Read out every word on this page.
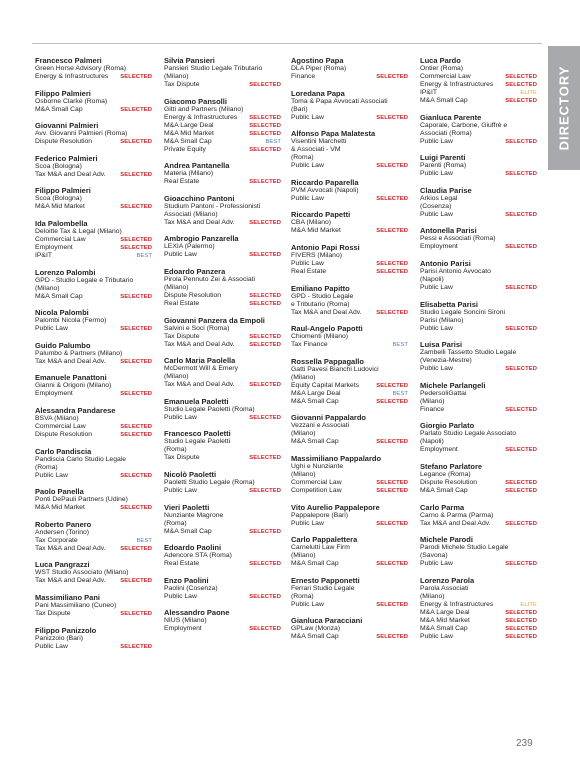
DIRECTORY
Francesco Palmeri
Green Horse Advisory (Roma)
Energy & Infrastructures SELECTED
Filippo Palmieri
Osborne Clarke (Roma)
M&A Small Cap	SELECTED
Giovanni Palmieri
Avv. Giovanni Palmieri (Roma)
Dispute Resolution	SELECTED
Federico Palmieri
Scoa (Bologna)
Tax M&A and Deal Adv.	SELECTED
Filippo Palmieri
Scoa (Bologna)
M&A Mid Market	SELECTED
Ida Palombella
Deloitte Tax & Legal (Milano)
Commercial Law	SELECTED
Employment	SELECTED
IP&IT	BEST
Lorenzo Palombi
GPD - Studio Legale e Tributario
(Milano)
M&A Small Cap	SELECTED
Nicola Palombi
Palombi Nicola (Fermo)
Public Law	SELECTED
Guido Palumbo
Palumbo & Partners (Milano)
Tax M&A and Deal Adv.	SELECTED
Emanuele Panattoni
Gianni & Origoni (Milano)
Employment	SELECTED
Alessandra Pandarese
BSVA (Milano)
Commercial Law	SELECTED
Dispute Resolution	SELECTED
Carlo Pandiscia
Pandiscia Carlo Studio Legale
(Roma)
Public Law	SELECTED
Paolo Panella
Ponti DePauli Partners (Udine)
M&A Mid Market	SELECTED
Roberto Panero
Andersen (Torino)
Tax Corporate	BEST
Tax M&A and Deal Adv.	SELECTED
Luca Pangrazzi
WST Studio Associato (Milano)
Tax M&A and Deal Adv.	SELECTED
Massimiliano Pani
Pani Massimiliano (Cuneo)
Tax Dispute	SELECTED
Filippo Panizzolo
Panizzolo (Bari)
Public Law	SELECTED
Silvia Pansieri
Pansieri Studio Legale Tributario
(Milano)
Tax Dispute	SELECTED
Giacomo Pansolli
Gitti and Partners (Milano)
Energy & Infrastructures SELECTED
M&A Large Deal	SELECTED
M&A Mid Market	SELECTED
M&A Small Cap	BEST
Private Equity	SELECTED
Andrea Pantanella
Materia (Milano)
Real Estate	SELECTED
Gioacchino Pantoni
Studium Pantoni - Professionisti
Associati (Milano)
Tax M&A and Deal Adv.	SELECTED
Ambrogio Panzarella
LEXIA (Palermo)
Public Law	SELECTED
Edoardo Panzera
Pirola Pennuto Zei & Associati
(Milano)
Dispute Resolution	SELECTED
Real Estate	SELECTED
Giovanni Panzera da Empoli
Salvini e Soci (Roma)
Tax Dispute	SELECTED
Tax M&A and Deal Adv.	SELECTED
Carlo Maria Paolella
McDermott Will & Emery
(Milano)
Tax M&A and Deal Adv.	SELECTED
Emanuela Paoletti
Studio Legale Paoletti (Roma)
Public Law	SELECTED
Francesco Paoletti
Studio Legale Paoletti
(Roma)
Tax Dispute	SELECTED
Nicolò Paoletti
Paoletti Studio Legale (Roma)
Public Law	SELECTED
Vieri Paoletti
Nunziante Magrone
(Roma)
M&A Small Cap	SELECTED
Edoardo Paolini
Adencore STA (Roma)
Real Estate	SELECTED
Enzo Paolini
Paolini (Cosenza)
Public Law	SELECTED
Alessandro Paone
NIUS (Milano)
Employment	SELECTED
Agostino Papa
DLA Piper (Roma)
Finance	SELECTED
Loredana Papa
Toma & Papa Avvocati Associati
(Bari)
Public Law	SELECTED
Alfonso Papa Malatesta
Visentini Marchetti
& Associati - VM
(Roma)
Public Law	SELECTED
Riccardo Paparella
PVM Avvocati (Napoli)
Public Law	SELECTED
Riccardo Papetti
CBA (Milano)
M&A Mid Market	SELECTED
Antonio Papi Rossi
FIVERS (Milano)
Public Law	SELECTED
Real Estate	SELECTED
Emiliano Papitto
GPD - Studio Legale
e Tributario (Roma)
Tax M&A and Deal Adv.	SELECTED
Raul-Angelo Papotti
Chiomenti (Milano)
Tax Finance	BEST
Rossella Pappagallo
Gatti Pavesi Bianchi Ludovici
(Milano)
Equity Capital Markets	SELECTED
M&A Large Deal	BEST
M&A Small Cap	SELECTED
Giovanni Pappalardo
Vezzani e Associati
(Milano)
M&A Small Cap	SELECTED
Massimiliano Pappalardo
Ughi e Nunziante
(Milano)
Commercial Law	SELECTED
Competition Law	SELECTED
Vito Aurelio Pappalepore
Pappalepore (Bari)
Public Law	SELECTED
Carlo Pappalettera
Carnelutti Law Firm
(Milano)
M&A Small Cap	SELECTED
Ernesto Papponetti
Ferrari Studio Legale
(Roma)
Public Law	SELECTED
Gianluca Paracciani
GPLaw (Monza)
M&A Small Cap	SELECTED
Luca Pardo
Ontier (Roma)
Commercial Law	SELECTED
Energy & Infrastructures SELECTED
IP&IT	ELITE
M&A Small Cap	SELECTED
Gianluca Parente
Caporale, Carbone, Giuffrè e
Associati (Roma)
Public Law	SELECTED
Luigi Parenti
Parenti (Roma)
Public Law	SELECTED
Claudia Parise
Arkios Legal
(Cosenza)
Public Law	SELECTED
Antonella Parisi
Pessi e Associati (Roma)
Employment	SELECTED
Antonio Parisi
Parisi Antonio Avvocato
(Napoli)
Public Law	SELECTED
Elisabetta Parisi
Studio Legale Soncini Sironi
Parisi (Milano)
Public Law	SELECTED
Luisa Parisi
Zambelli Tassetto Studio Legale
(Venezia-Mestre)
Public Law	SELECTED
Michele Parlangeli
PedersoliGattai
(Milano)
Finance	SELECTED
Giorgio Parlato
Parlato Studio Legale Associato
(Napoli)
Employment	SELECTED
Stefano Parlatore
Legance (Roma)
Dispute Resolution	SELECTED
M&A Small Cap	SELECTED
Carlo Parma
Carno & Parma (Parma)
Tax M&A and Deal Adv.	SELECTED
Michele Parodi
Parodi Michele Studio Legale
(Savona)
Public Law	SELECTED
Lorenzo Parola
Parola Associati
(Milano)
Energy & Infrastructures	ELITE
M&A Large Deal	SELECTED
M&A Mid Market	SELECTED
M&A Small Cap	SELECTED
Public Law	SELECTED
239
